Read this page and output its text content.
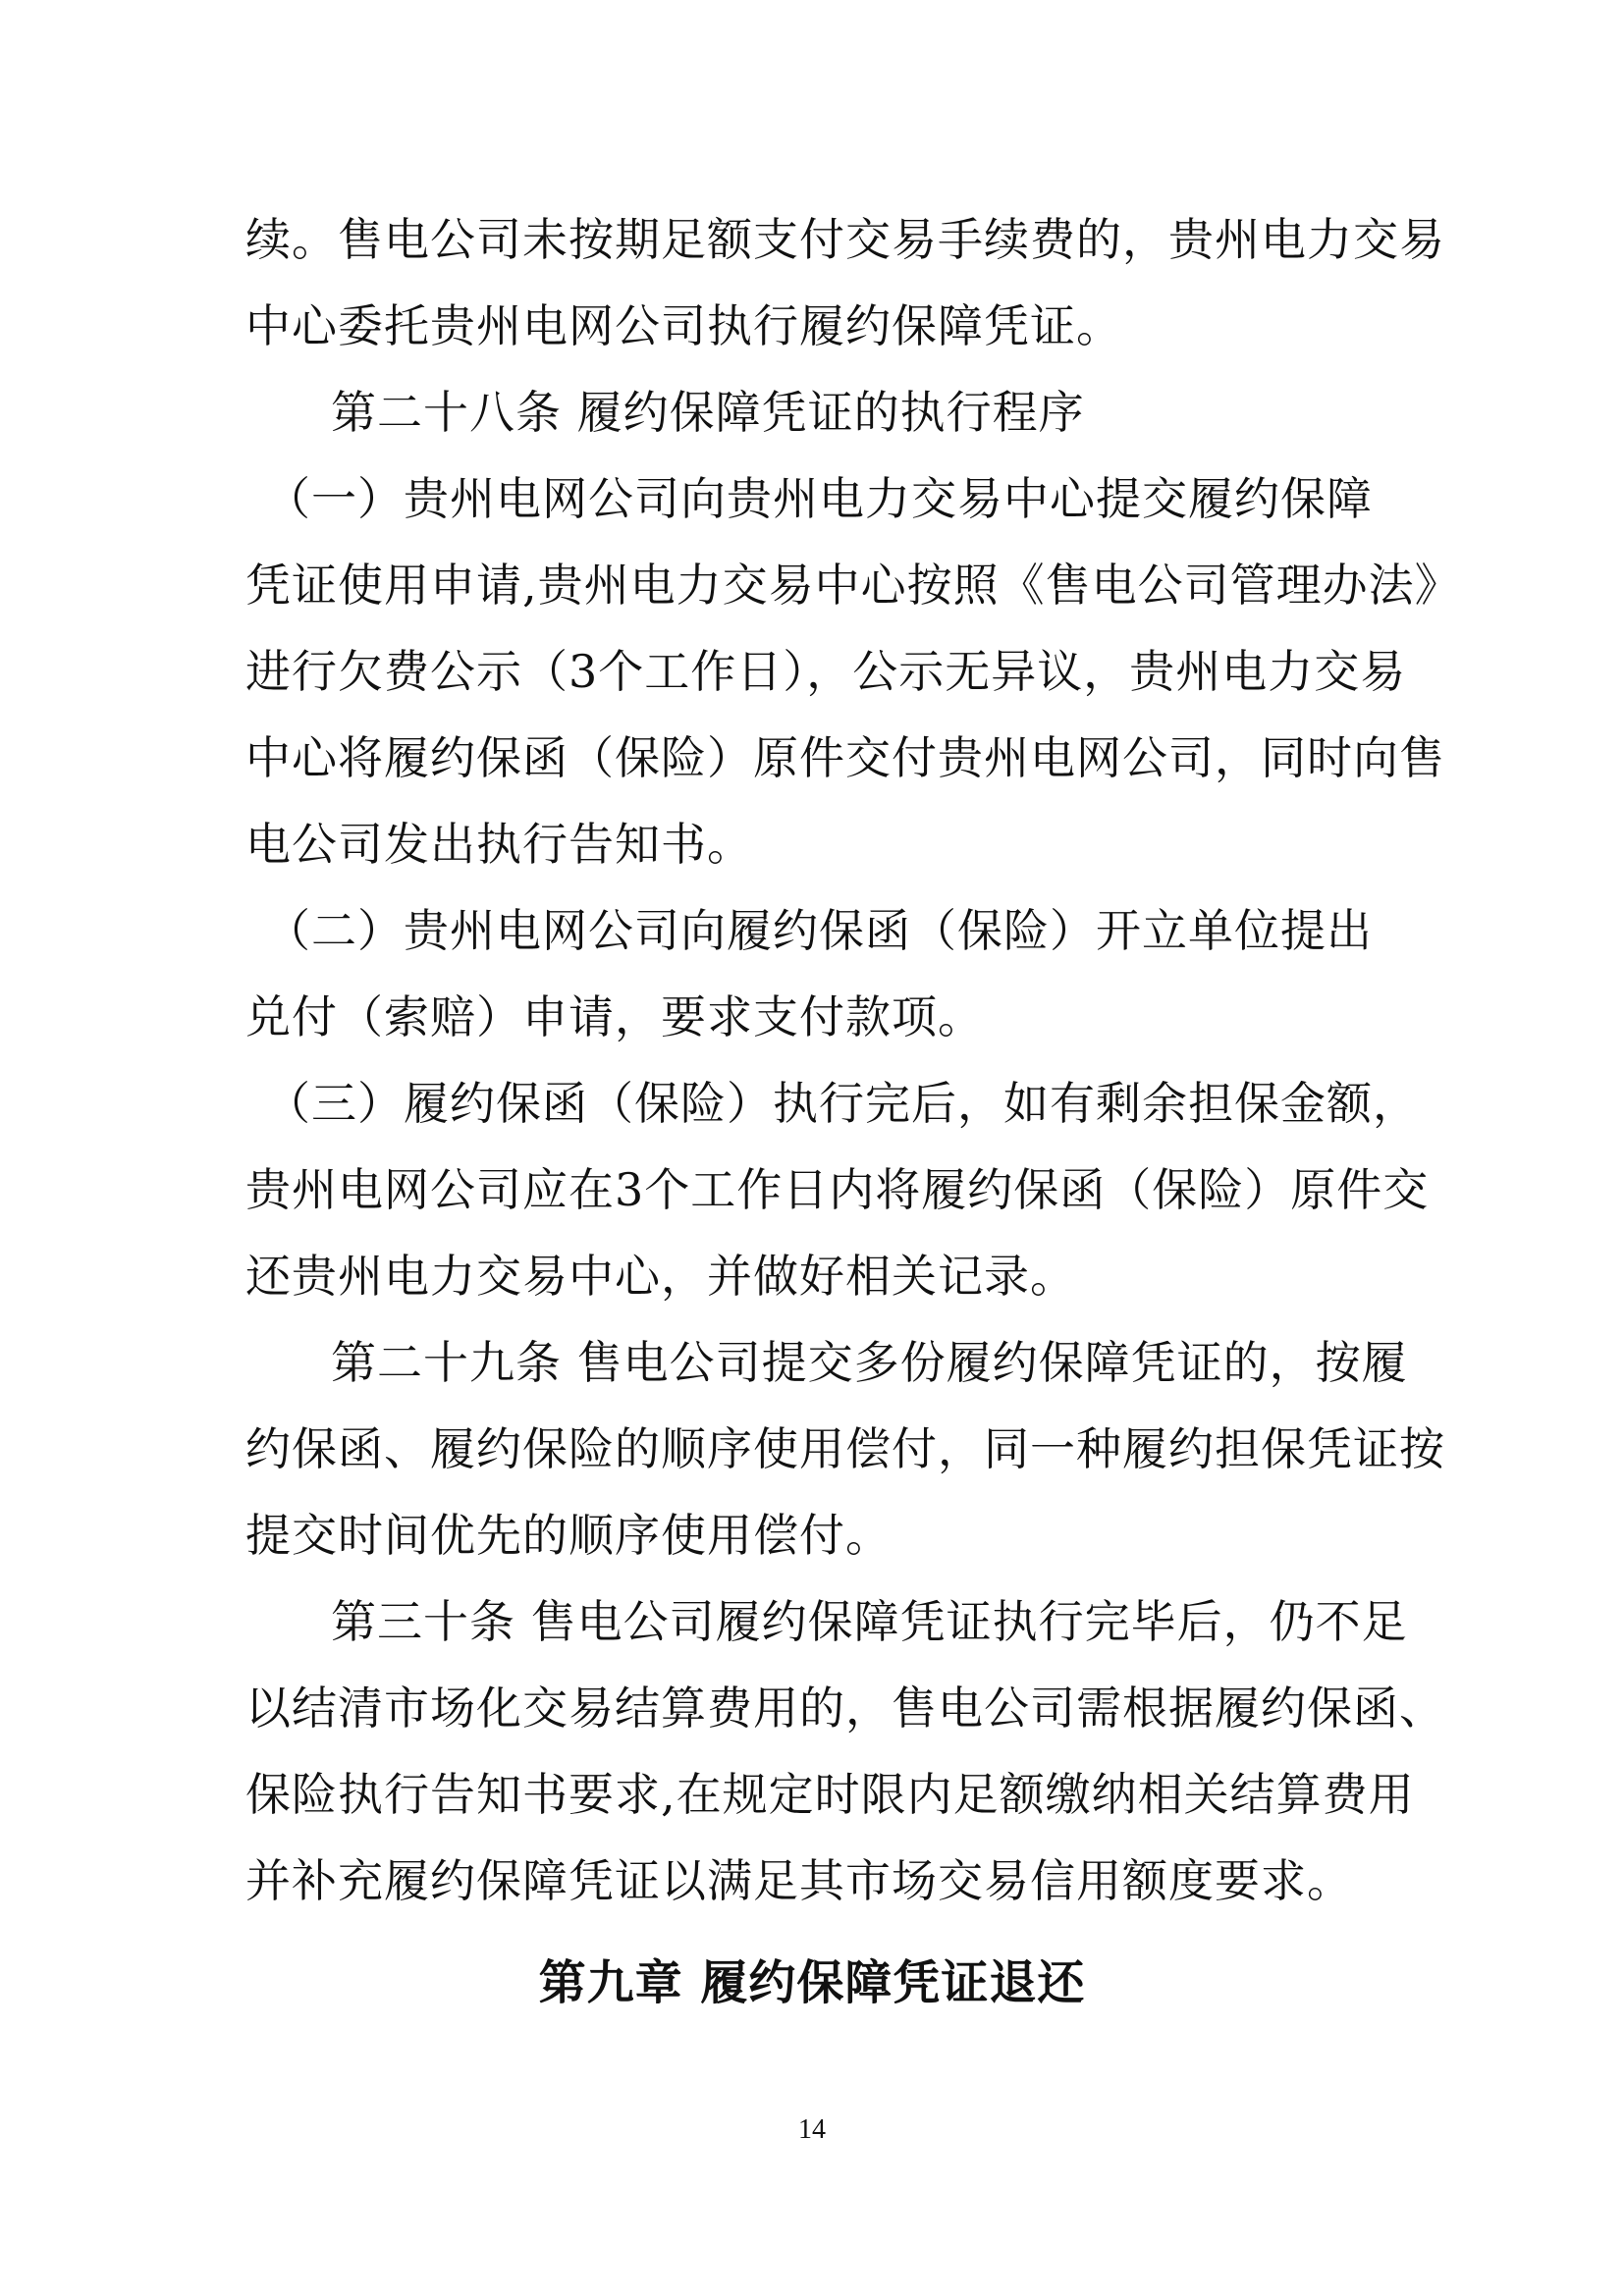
续。售电公司未按期足额支付交易手续费的，贵州电力交易
中心委托贵州电网公司执行履约保障凭证。
　第二十八条 履约保障凭证的执行程序
（一）贵州电网公司向贵州电力交易中心提交履约保障
凭证使用申请,贵州电力交易中心按照《售电公司管理办法》
进行欠费公示（3个工作日），公示无异议，贵州电力交易
中心将履约保函（保险）原件交付贵州电网公司，同时向售
电公司发出执行告知书。
（二）贵州电网公司向履约保函（保险）开立单位提出
兑付（索赔）申请，要求支付款项。
（三）履约保函（保险）执行完后，如有剩余担保金额，
贵州电网公司应在3个工作日内将履约保函（保险）原件交
还贵州电力交易中心，并做好相关记录。
　第二十九条 售电公司提交多份履约保障凭证的，按履
约保函、履约保险的顺序使用偿付，同一种履约担保凭证按
提交时间优先的顺序使用偿付。
　第三十条 售电公司履约保障凭证执行完毕后，仍不足
以结清市场化交易结算费用的，售电公司需根据履约保函、
保险执行告知书要求,在规定时限内足额缴纳相关结算费用
并补充履约保障凭证以满足其市场交易信用额度要求。
第九章 履约保障凭证退还
14
